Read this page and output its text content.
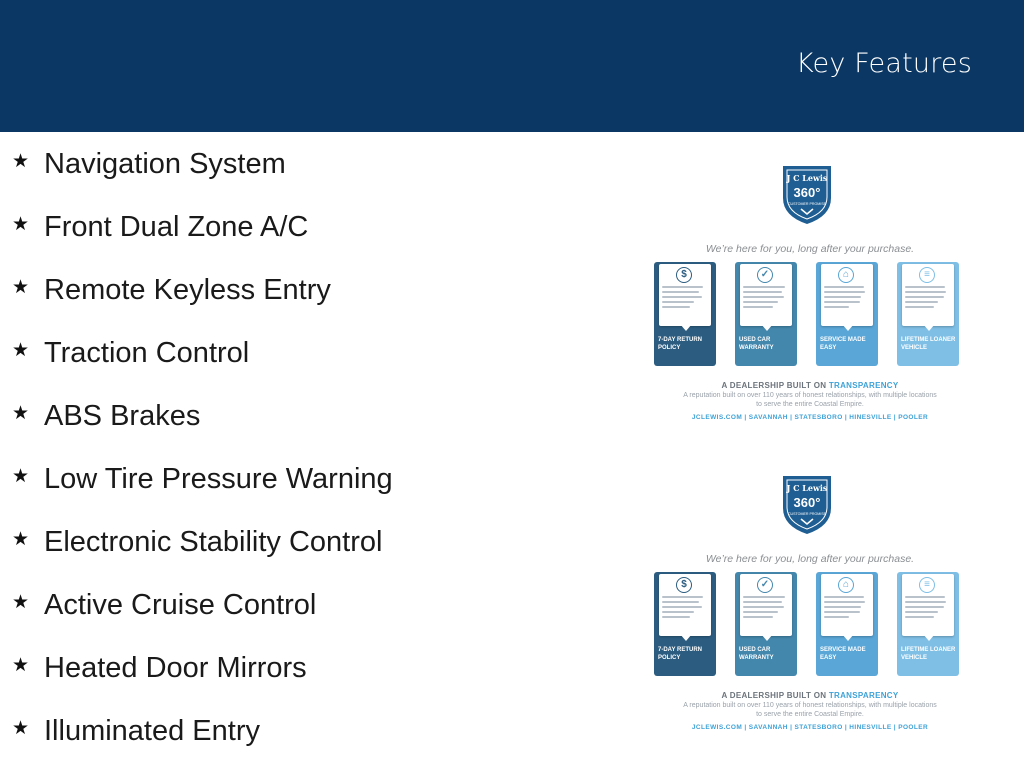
Key Features
★ Navigation System
★ Front Dual Zone A/C
★ Remote Keyless Entry
★ Traction Control
★ ABS Brakes
★ Low Tire Pressure Warning
★ Electronic Stability Control
★ Active Cruise Control
★ Heated Door Mirrors
★ Illuminated Entry
J C Lewis
360°
CUSTOMER PROMISE
We’re here for you, long after your purchase.
$
7-DAY RETURN POLICY
✓
USED CAR WARRANTY
⌂
SERVICE MADE EASY
≡
LIFETIME LOANER VEHICLE
A DEALERSHIP BUILT ON TRANSPARENCY
A reputation built on over 110 years of honest relationships, with multiple locations to serve the entire Coastal Empire.
JCLEWIS.COM | SAVANNAH | STATESBORO | HINESVILLE | POOLER
J C Lewis
360°
CUSTOMER PROMISE
We’re here for you, long after your purchase.
$
7-DAY RETURN POLICY
✓
USED CAR WARRANTY
⌂
SERVICE MADE EASY
≡
LIFETIME LOANER VEHICLE
A DEALERSHIP BUILT ON TRANSPARENCY
A reputation built on over 110 years of honest relationships, with multiple locations to serve the entire Coastal Empire.
JCLEWIS.COM | SAVANNAH | STATESBORO | HINESVILLE | POOLER
